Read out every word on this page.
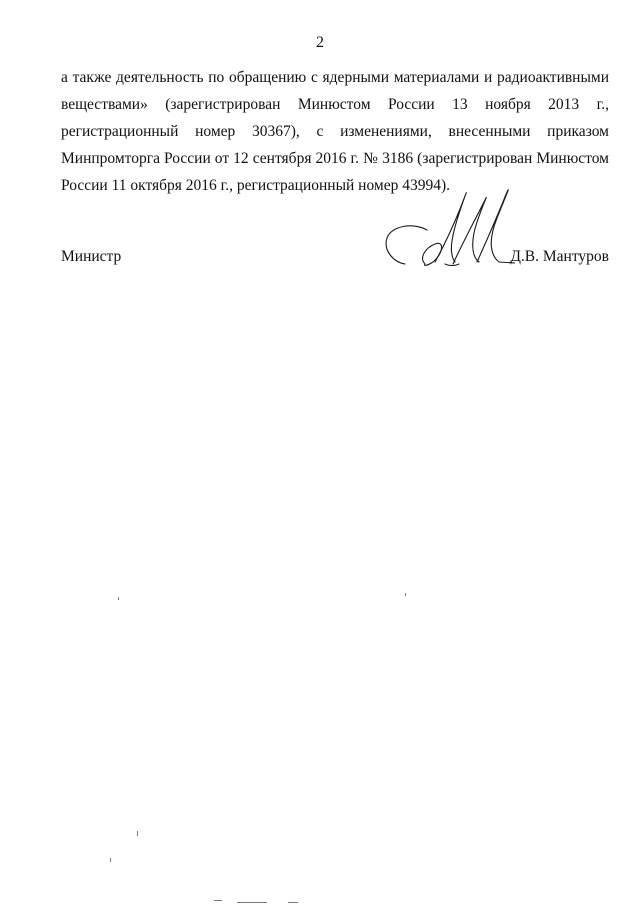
2
а также деятельность по обращению с ядерными материалами и радиоактивными
веществами» (зарегистрирован Минюстом России 13 ноября 2013 г.,
регистрационный номер 30367), с изменениями, внесенными приказом
Минпромторга России от 12 сентября 2016 г. № 3186 (зарегистрирован Минюстом
России 11 октября 2016 г., регистрационный номер 43994).
Министр	Д.В. Мантуров
